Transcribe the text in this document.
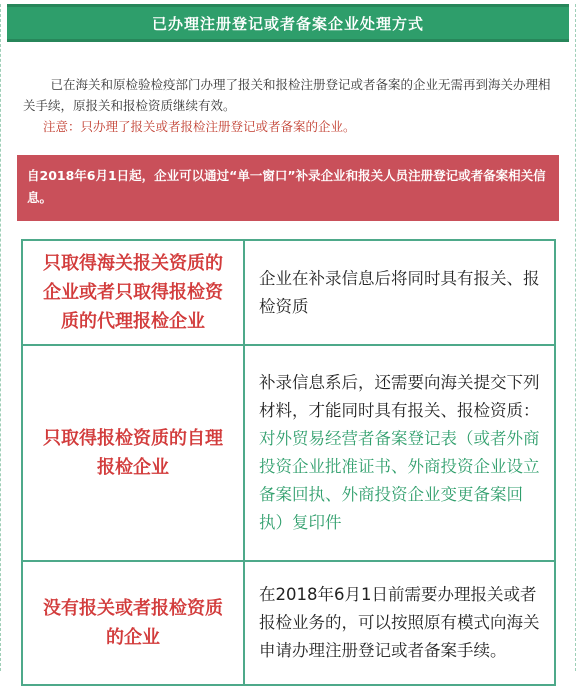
已办理注册登记或者备案企业处理方式

已在海关和原检验检疫部门办理了报关和报检注册登记或者备案的企业无需再到海关办理相关手续，原报关和报检资质继续有效。

注意：只办理了报关或者报检注册登记或者备案的企业。

自2018年6月1日起，企业可以通过“单一窗口”补录企业和报关人员注册登记或者备案相关信息。
只取得海关报关资质的企业或者只取得报检资质的代理报检企业	企业在补录信息后将同时具有报关、报检资质
只取得报检资质的自理报检企业	补录信息系后，还需要向海关提交下列材料，才能同时具有报关、报检资质：
对外贸易经营者备案登记表（或者外商投资企业批准证书、外商投资企业设立备案回执、外商投资企业变更备案回执）复印件
没有报关或者报检资质的企业	在2018年6月1日前需要办理报关或者报检业务的，可以按照原有模式向海关申请办理注册登记或者备案手续。
